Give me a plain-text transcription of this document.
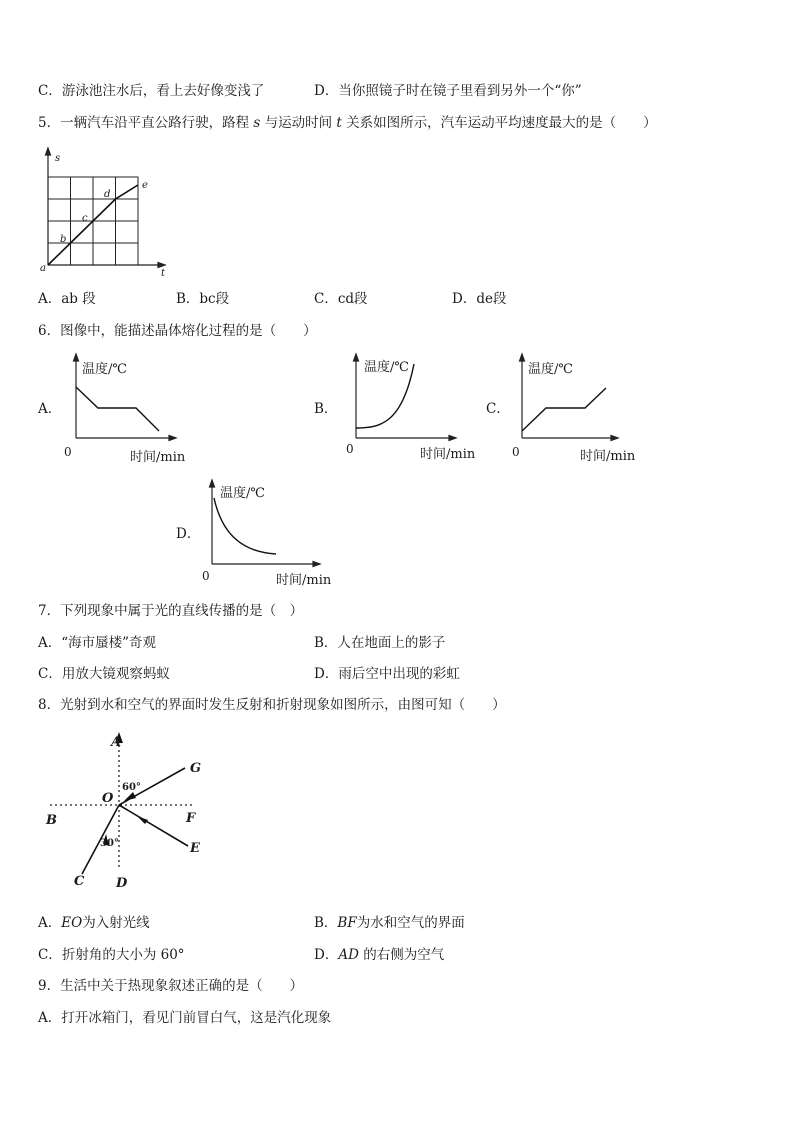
C．游泳池注水后，看上去好像变浅了	D．当你照镜子时在镜子里看到另外一个“你”
5．一辆汽车沿平直公路行驶，路程 s 与运动时间 t 关系如图所示，汽车运动平均速度最大的是（　　）
s
t
a
b
c
d
e
A．ab 段	B．bc段	C．cd段	D．de段
6．图像中，能描述晶体熔化过程的是（　　）
A．
温度/℃
0	时间/min
B．
温度/℃
0	时间/min
C．
温度/℃
0	时间/min
D．
温度/℃
0	时间/min
7．下列现象中属于光的直线传播的是（　）
A．“海市蜃楼”奇观	B．人在地面上的影子
C．用放大镜观察蚂蚁	D．雨后空中出现的彩虹
8．光射到水和空气的界面时发生反射和折射现象如图所示，由图可知（　　）
A
B
C D
E
F
G
O
60°
30°
A．EO为入射光线	B．BF为水和空气的界面
C．折射角的大小为 60°	D．AD 的右侧为空气
9．生活中关于热现象叙述正确的是（　　）
A．打开冰箱门，看见门前冒白气，这是汽化现象
